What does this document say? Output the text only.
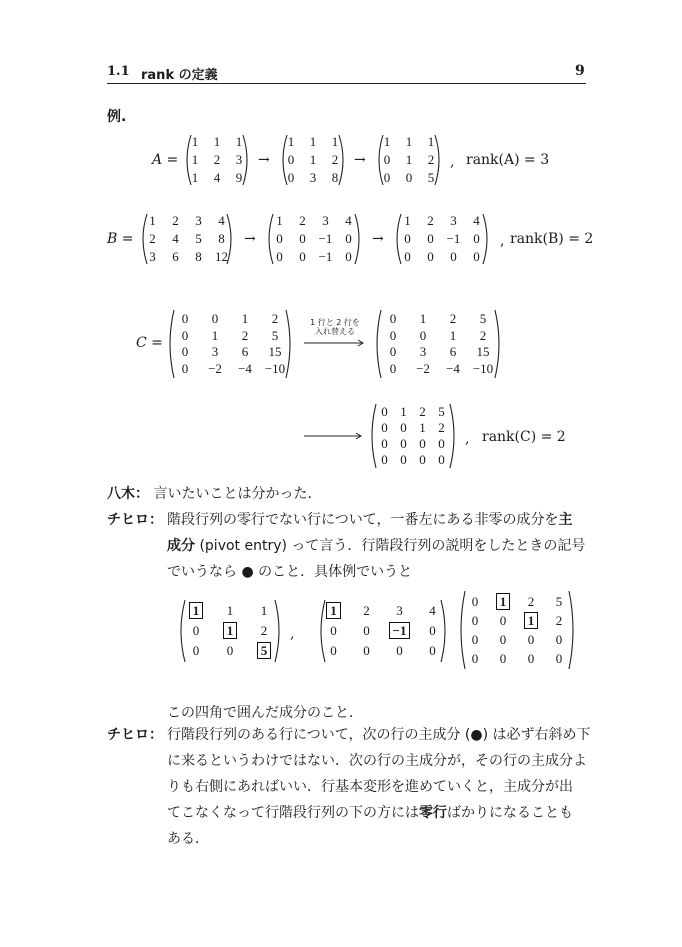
1.1 rank の定義	9
例.
A =
1	1	1
1	2	3
1	4	9
→
1	1	1
0	1	2
0	3	8
→
1	1	1
0	1	2
0	0	5
, rank(A) = 3
B =
1	2	3	4
2	4	5	8
3	6	8	12
→
1	2	3	4
0	0 −1 0
0	0 −1 0
→
1	2	3	4
0	0 −1 0
0	0	0	0
, rank(B) = 2
C =
0	0	1	2
0	1	2	5
0	3	6	15
0	−2	−4 −10
1 行と 2 行を
入れ替える
0	1	2	5
0	0	1	2
0	3	6	15
0	−2	−4 −10
0 1 2 5
0 0 1 2
0 0 0 0
0 0 0 0
, rank(C) = 2
八木： 言いたいことは分かった.
チヒロ： 階段行列の零行でない行について，一番左にある非零の成分を主
成分 (pivot entry) って言う．行階段行列の説明をしたときの記号
でいうなら ● のこと．具体例でいうと
1	1	1
0	1	2
0	0	5
,
1	2	3	4
0	0	−1	0
0	0	0	0
0	1	2	5
0	0	1	2
0	0	0	0
0	0	0	0
この四角で囲んだ成分のこと．
チヒロ： 行階段行列のある行について，次の行の主成分 (●) は必ず右斜め下
に来るというわけではない．次の行の主成分が，その行の主成分よ
りも右側にあればいい．行基本変形を進めていくと，主成分が出
てこなくなって行階段行列の下の方には零行ばかりになることも
ある．
